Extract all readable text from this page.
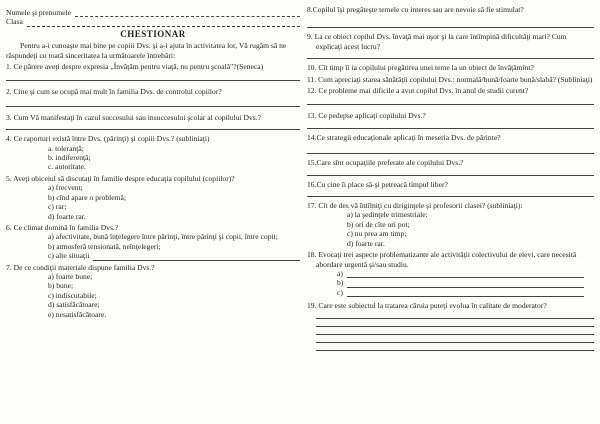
Numele şi prenumele
Clasa
CHESTIONAR
Pentru a-i cunoaşte mai bine pe copiii Dvs. şi a-i ajuta în activitatea lor, Vă rugăm să ne răspundeţi cu toată sinceritatea la următoarele întrebări:
1. Ce părere aveţi despre expresia „Învăţăm pentru viaţă, nu pentru şcoală"?(Seneca)
2. Cine şi cum se ocupă mai mult în familia Dvs. de controlul copiilor?
3. Cum Vă manifestaţi în cazul succesului sau insuccesului şcolar al copilului Dvs.?
4. Ce raporturi există între Dvs. (părinţi) şi copiii Dvs.? (subliniaţi)
a. toleranţă;
b. indiferenţă;
c. autoritate.
5. Aveţi obiceiul să discutaţi în familie despre educaţia copilului (copiilor)?
a) frecvent;
b) cînd apare o problemă;
c) rar;
d) foarte rar.
6. Ce climat domină în familia Dvs.?
a) afectivitate, bună înţelegere între părinţi, între părinţi şi copii, între copii;
b) atmosferă tensionată, neînţelegeri;
c) alte situaţii
7. De ce condiţii materiale dispune familia Dvs.?
a) foarte bune;
b) bune;
c) indiscutabile;
d) satisfăcătoare;
e) nesatisfăcătoare.
8.Copilul îşi pregăteşte temele cu interes sau are nevoie să fie stimulat?
9. La ce obiect copilul Dvs. învaţă mai uşor şi la care întîmpină dificultăţi mari? Cum explicaţi acest lucru?
10. Cît timp îi ia copilului pregătirea unei teme la un obiect de învăţămînt?
11. Cum apreciaţi starea sănătăţii copilului Dvs.: normală/bună/foarte bună/slabă? (Subliniaţi)
12. Ce probleme mai dificile a avut copilul Dvs. în anul de studii curent?
13. Ce pedepse aplicaţi copilului Dvs.?
14.Ce strategii educaţionale aplicaţi în meseria Dvs. de părinte?
15.Care sînt ocupaţiile preferate ale copilului Dvs.?
16.Cu cine îi place să-şi petreacă timpul liber?
17. Cît de des vă întîlniţi cu diriginţele şi profesorii clasei? (subliniaţi):
a) la şedinţele trimestriale;
b) ori de cîte ori pot;
c) nu prea am timp;
d) foarte rar.
18. Evocaţi trei aspecte problematizante ale activităţii colectivului de elevi, care necesită abordare urgentă şi/sau studiu.
a)
b)
c)
19. Care este subiectul la tratarea căruia puteţi evolua în calitate de moderator?
